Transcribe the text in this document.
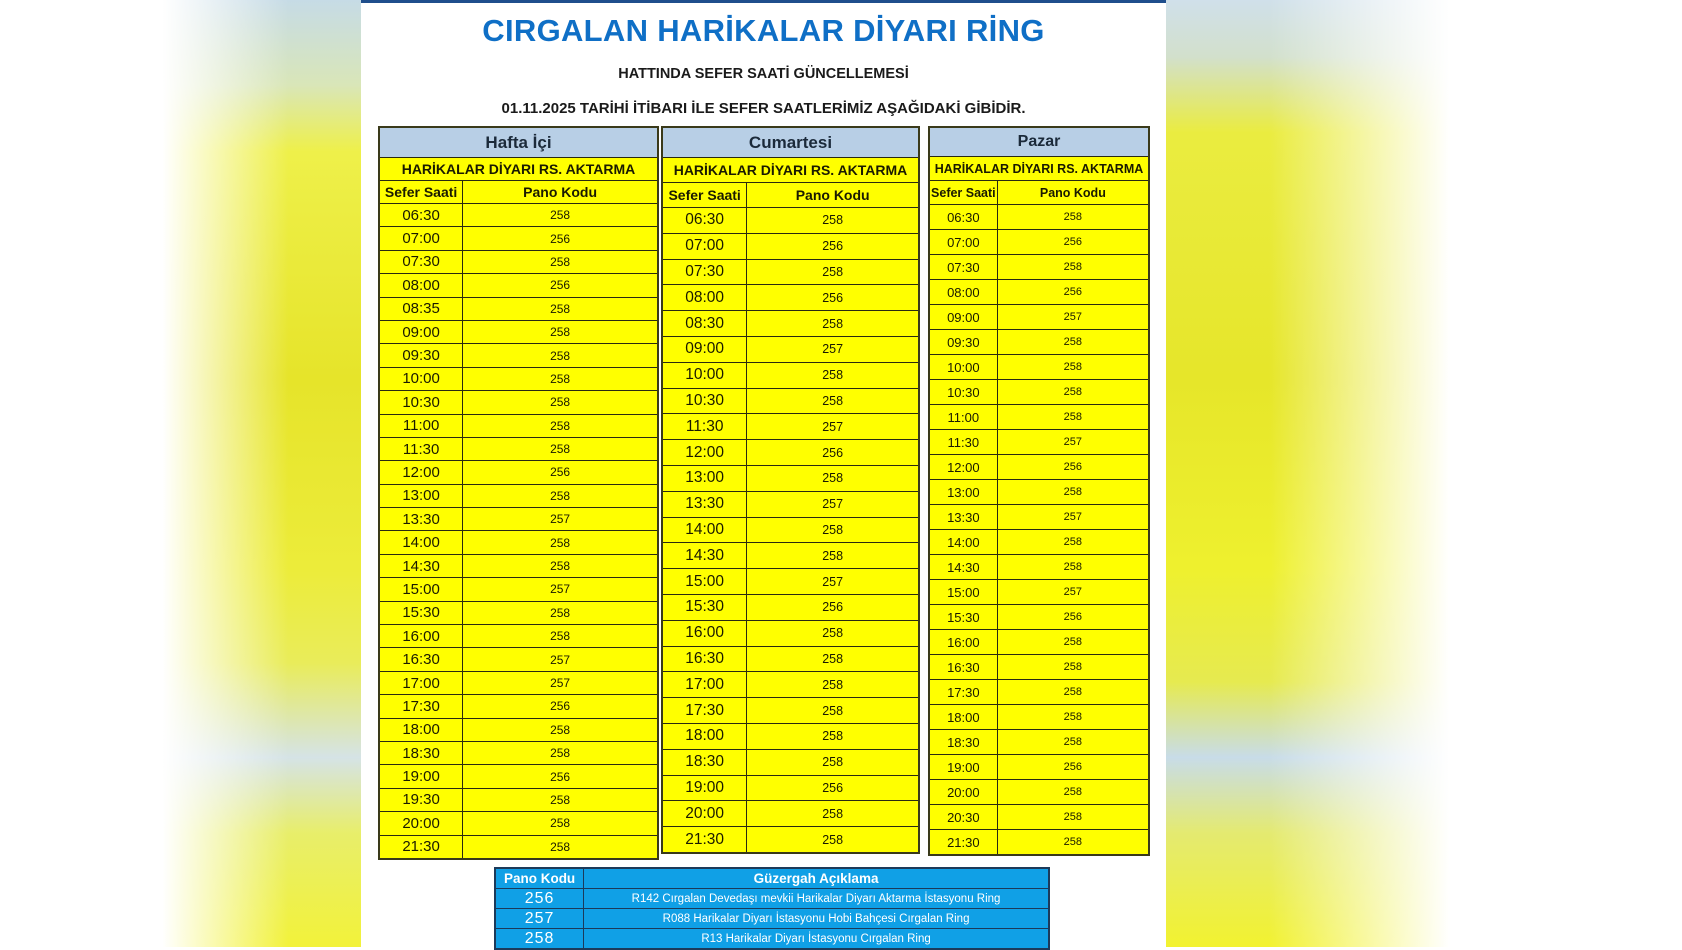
CIRGALAN HARİKALAR DİYARI RİNG
HATTINDA SEFER SAATİ GÜNCELLEMESİ
01.11.2025 TARİHİ İTİBARI İLE SEFER SAATLERİMİZ AŞAĞIDAKİ GİBİDİR.
Hafta İçi	
HARİKALAR DİYARI RS. AKTARMA	
Sefer Saati	Pano Kodu
06:30	258
07:00	256
07:30	258
08:00	256
08:35	258
09:00	258
09:30	258
10:00	258
10:30	258
11:00	258
11:30	258
12:00	256
13:00	258
13:30	257
14:00	258
14:30	258
15:00	257
15:30	258
16:00	258
16:30	257
17:00	257
17:30	256
18:00	258
18:30	258
19:00	256
19:30	258
20:00	258
21:30	258
Cumartesi	
HARİKALAR DİYARI RS. AKTARMA	
Sefer Saati	Pano Kodu
06:30	258
07:00	256
07:30	258
08:00	256
08:30	258
09:00	257
10:00	258
10:30	258
11:30	257
12:00	256
13:00	258
13:30	257
14:00	258
14:30	258
15:00	257
15:30	256
16:00	258
16:30	258
17:00	258
17:30	258
18:00	258
18:30	258
19:00	256
20:00	258
21:30	258
Pazar	
HARİKALAR DİYARI RS. AKTARMA	
Sefer Saati	Pano Kodu
06:30	258
07:00	256
07:30	258
08:00	256
09:00	257
09:30	258
10:00	258
10:30	258
11:00	258
11:30	257
12:00	256
13:00	258
13:30	257
14:00	258
14:30	258
15:00	257
15:30	256
16:00	258
16:30	258
17:30	258
18:00	258
18:30	258
19:00	256
20:00	258
20:30	258
21:30	258
Pano Kodu	Güzergah Açıklama
256	R142 Cırgalan Devedaşı mevkii Harikalar Diyarı Aktarma İstasyonu Ring
257	R088 Harikalar Diyarı İstasyonu Hobi Bahçesi Cırgalan Ring
258	R13 Harikalar Diyarı İstasyonu Cırgalan Ring
